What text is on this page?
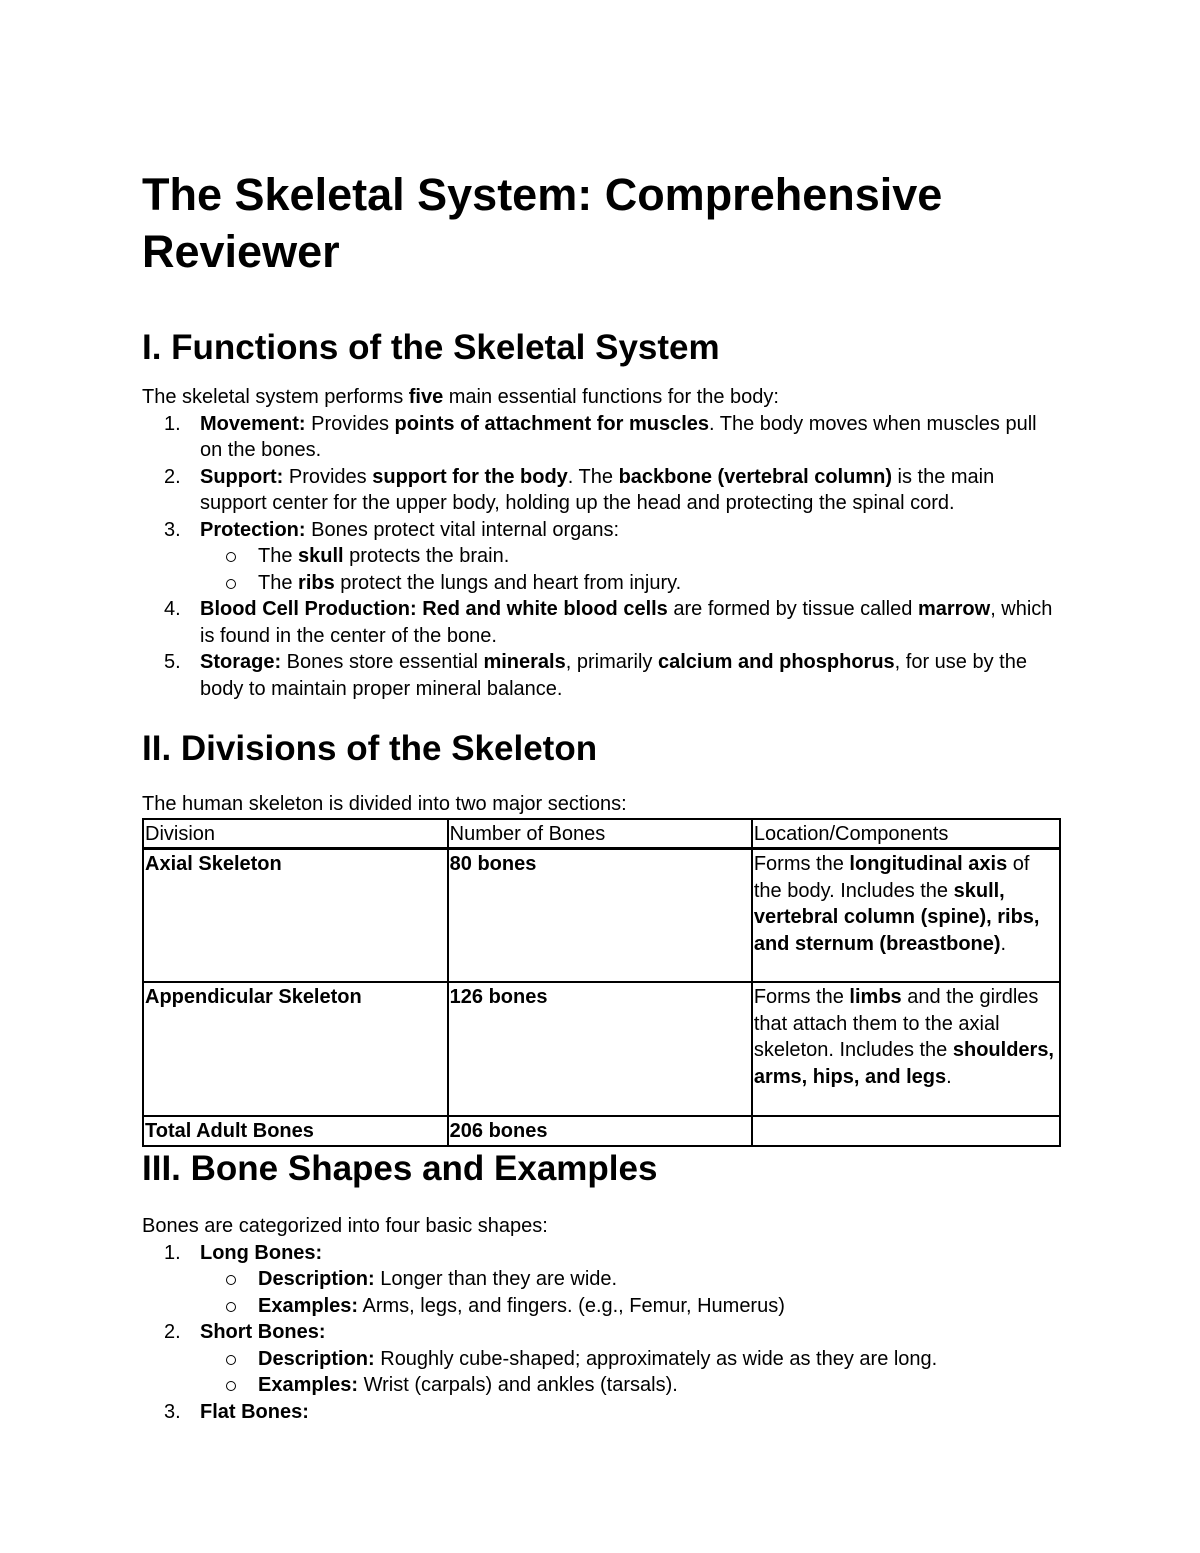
The Skeletal System: Comprehensive Reviewer
I. Functions of the Skeletal System

The skeletal system performs five main essential functions for the body:

1. Movement: Provides points of attachment for muscles. The body moves when muscles pull on the bones.
2. Support: Provides support for the body. The backbone (vertebral column) is the main support center for the upper body, holding up the head and protecting the spinal cord.
3. Protection: Bones protect vital internal organs:
The skull protects the brain.
The ribs protect the lungs and heart from injury.
4. Blood Cell Production: Red and white blood cells are formed by tissue called marrow, which is found in the center of the bone.
5. Storage: Bones store essential minerals, primarily calcium and phosphorus, for use by the body to maintain proper mineral balance.
II. Divisions of the Skeleton

The human skeleton is divided into two major sections:

Division	Number of Bones	Location/Components
Axial Skeleton	80 bones	Forms the longitudinal axis of the body. Includes the skull, vertebral column (spine), ribs, and sternum (breastbone).
Appendicular Skeleton	126 bones	Forms the limbs and the girdles that attach them to the axial skeleton. Includes the shoulders, arms, hips, and legs.
Total Adult Bones	206 bones	
III. Bone Shapes and Examples

Bones are categorized into four basic shapes:

1. Long Bones:
Description: Longer than they are wide.
Examples: Arms, legs, and fingers. (e.g., Femur, Humerus)
2. Short Bones:
Description: Roughly cube-shaped; approximately as wide as they are long.
Examples: Wrist (carpals) and ankles (tarsals).
3. Flat Bones:
